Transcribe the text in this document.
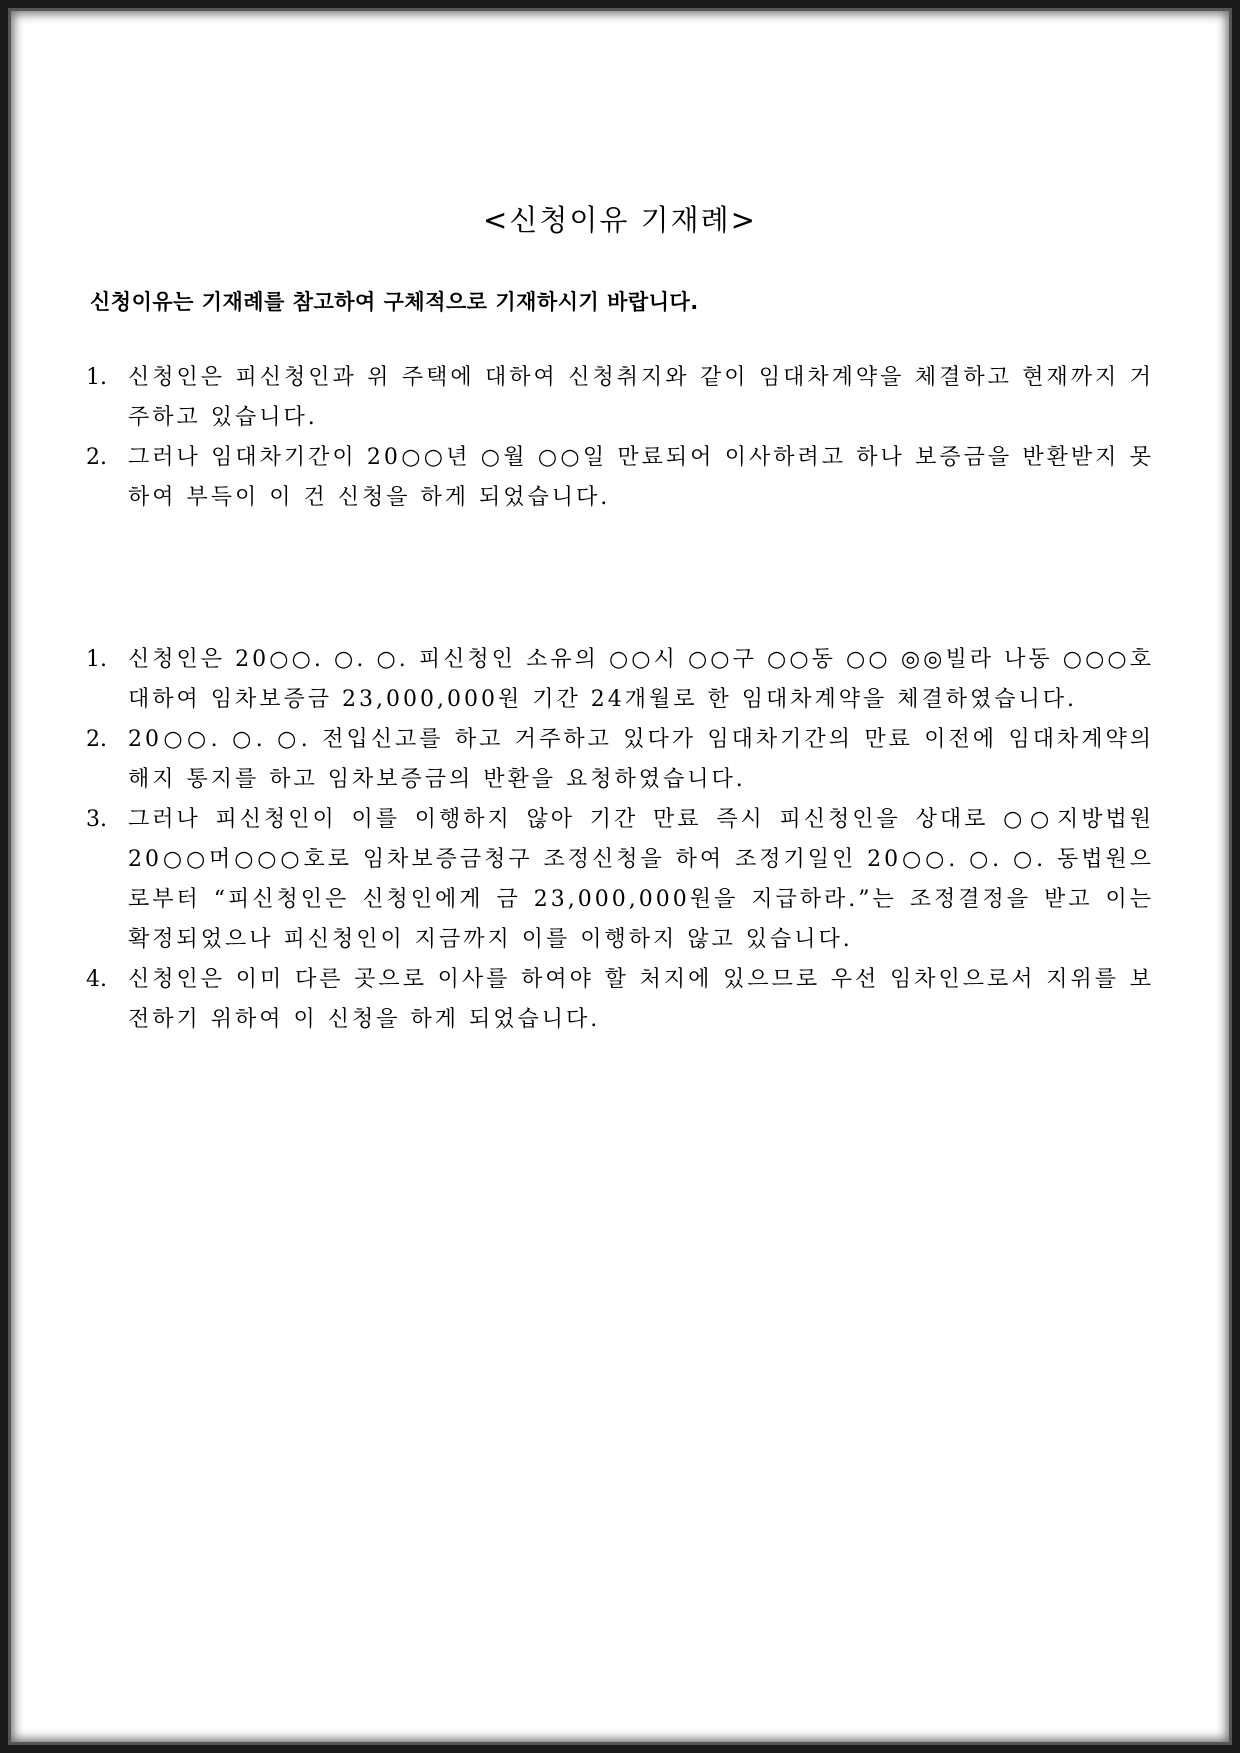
<신청이유 기재례>
신청이유는 기재례를 참고하여 구체적으로 기재하시기 바랍니다.
1. 신청인은 피신청인과 위 주택에 대하여 신청취지와 같이 임대차계약을 체결하고 현재까지 거주하고 있습니다.
2. 그러나 임대차기간이 20○○년 ○월 ○○일 만료되어 이사하려고 하나 보증금을 반환받지 못하여 부득이 이 건 신청을 하게 되었습니다.
1. 신청인은 20○○. ○. ○. 피신청인 소유의 ○○시 ○○구 ○○동 ○○ ◎◎빌라 나동 ○○○호 대하여 임차보증금 23,000,000원 기간 24개월로 한 임대차계약을 체결하였습니다.
2. 20○○. ○. ○. 전입신고를 하고 거주하고 있다가 임대차기간의 만료 이전에 임대차계약의 해지 통지를 하고 임차보증금의 반환을 요청하였습니다.
3. 그러나 피신청인이 이를 이행하지 않아 기간 만료 즉시 피신청인을 상대로 ○○지방법원 20○○머○○○호로 임차보증금청구 조정신청을 하여 조정기일인 20○○. ○. ○. 동법원으로부터 “피신청인은 신청인에게 금 23,000,000원을 지급하라.”는 조정결정을 받고 이는 확정되었으나 피신청인이 지금까지 이를 이행하지 않고 있습니다.
4. 신청인은 이미 다른 곳으로 이사를 하여야 할 처지에 있으므로 우선 임차인으로서 지위를 보전하기 위하여 이 신청을 하게 되었습니다.
